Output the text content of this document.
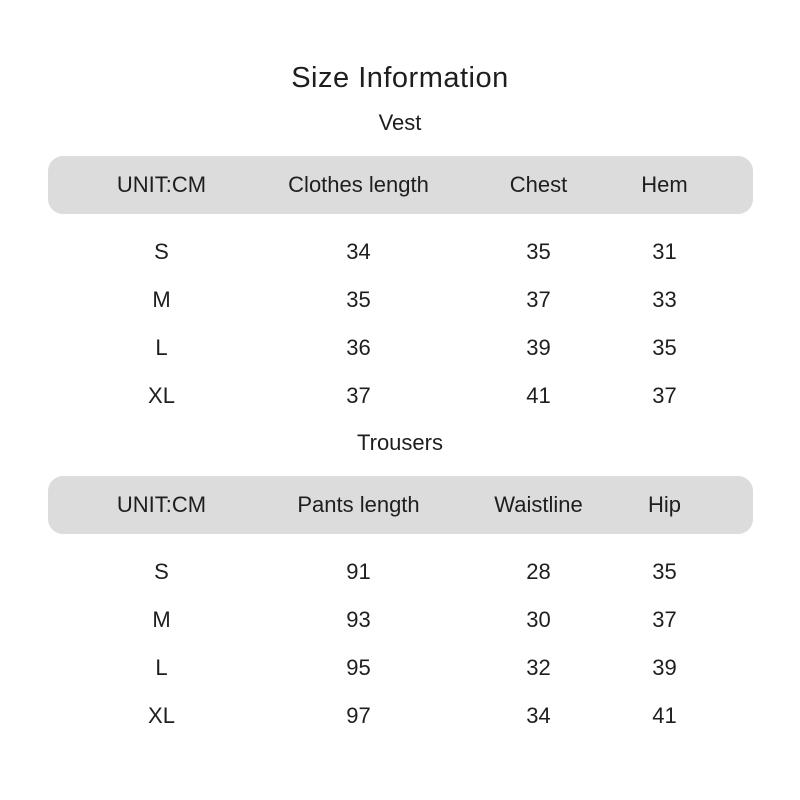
Size Information
Vest
UNIT:CM	Clothes length	Chest	Hem
S	34	35	31
M	35	37	33
L	36	39	35
XL	37	41	37
Trousers
UNIT:CM	Pants length	Waistline	Hip
S	91	28	35
M	93	30	37
L	95	32	39
XL	97	34	41
